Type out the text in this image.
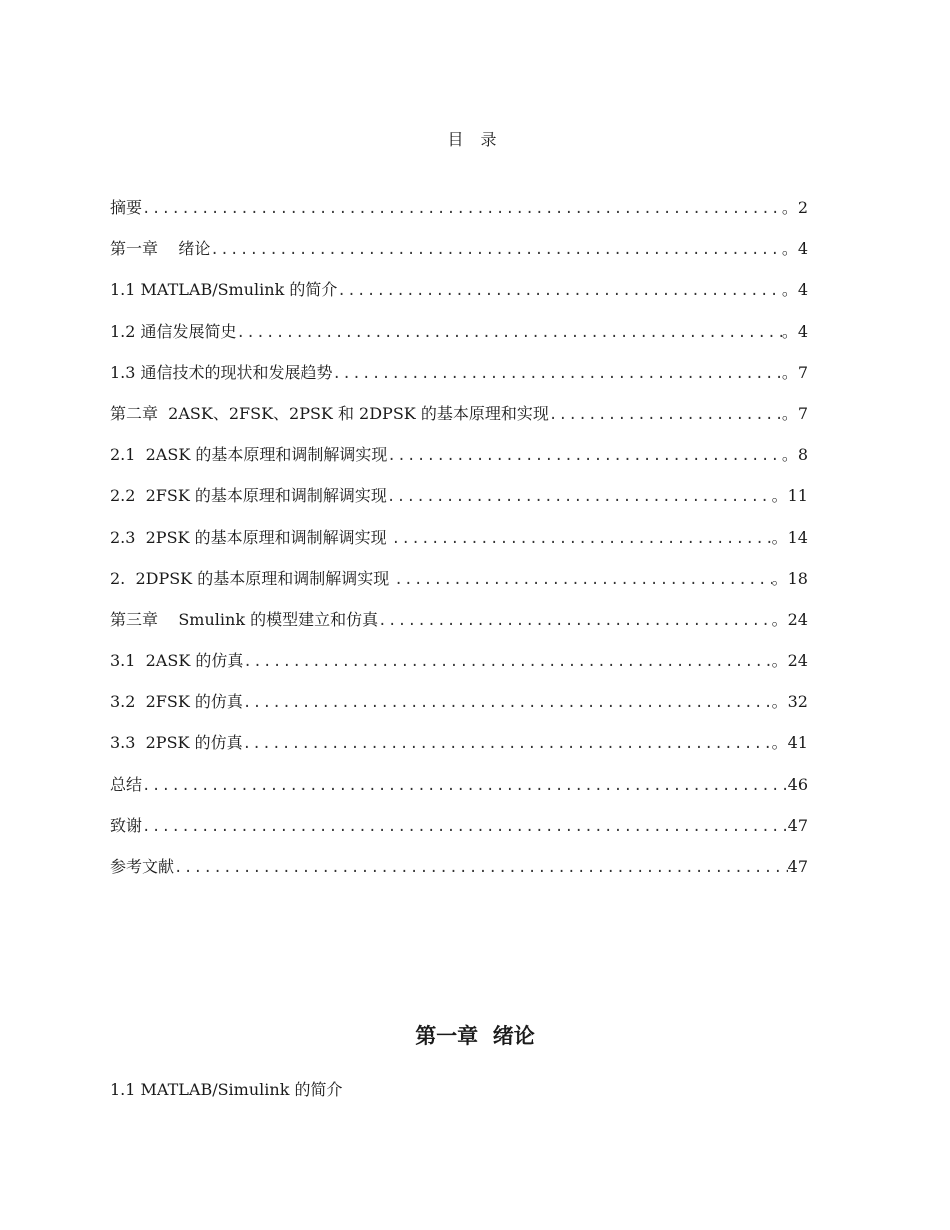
目 录
摘要 .....	。2
第一章    绪论 .....	。4
1.1 MATLAB/Smulink 的简介 .....	。4
1.2 通信发展简史 .....	。4
1.3 通信技术的现状和发展趋势 .....	。7
第二章  2ASK、2FSK、2PSK 和 2DPSK 的基本原理和实现 .....	。7
2.1  2ASK 的基本原理和调制解调实现 .....	。8
2.2  2FSK 的基本原理和调制解调实现 .....	。11
2.3  2PSK 的基本原理和调制解调实现 .....	。14
2.  2DPSK 的基本原理和调制解调实现 .....	。18
第三章    Smulink 的模型建立和仿真 .....	。24
3.1  2ASK 的仿真 .....	。24
3.2  2FSK 的仿真 .....	。32
3.3  2PSK 的仿真 .....	。41
总结 .....	46
致谢 .....	47
参考文献 .....	47
第一章  绪论
1.1 MATLAB/Simulink 的简介
